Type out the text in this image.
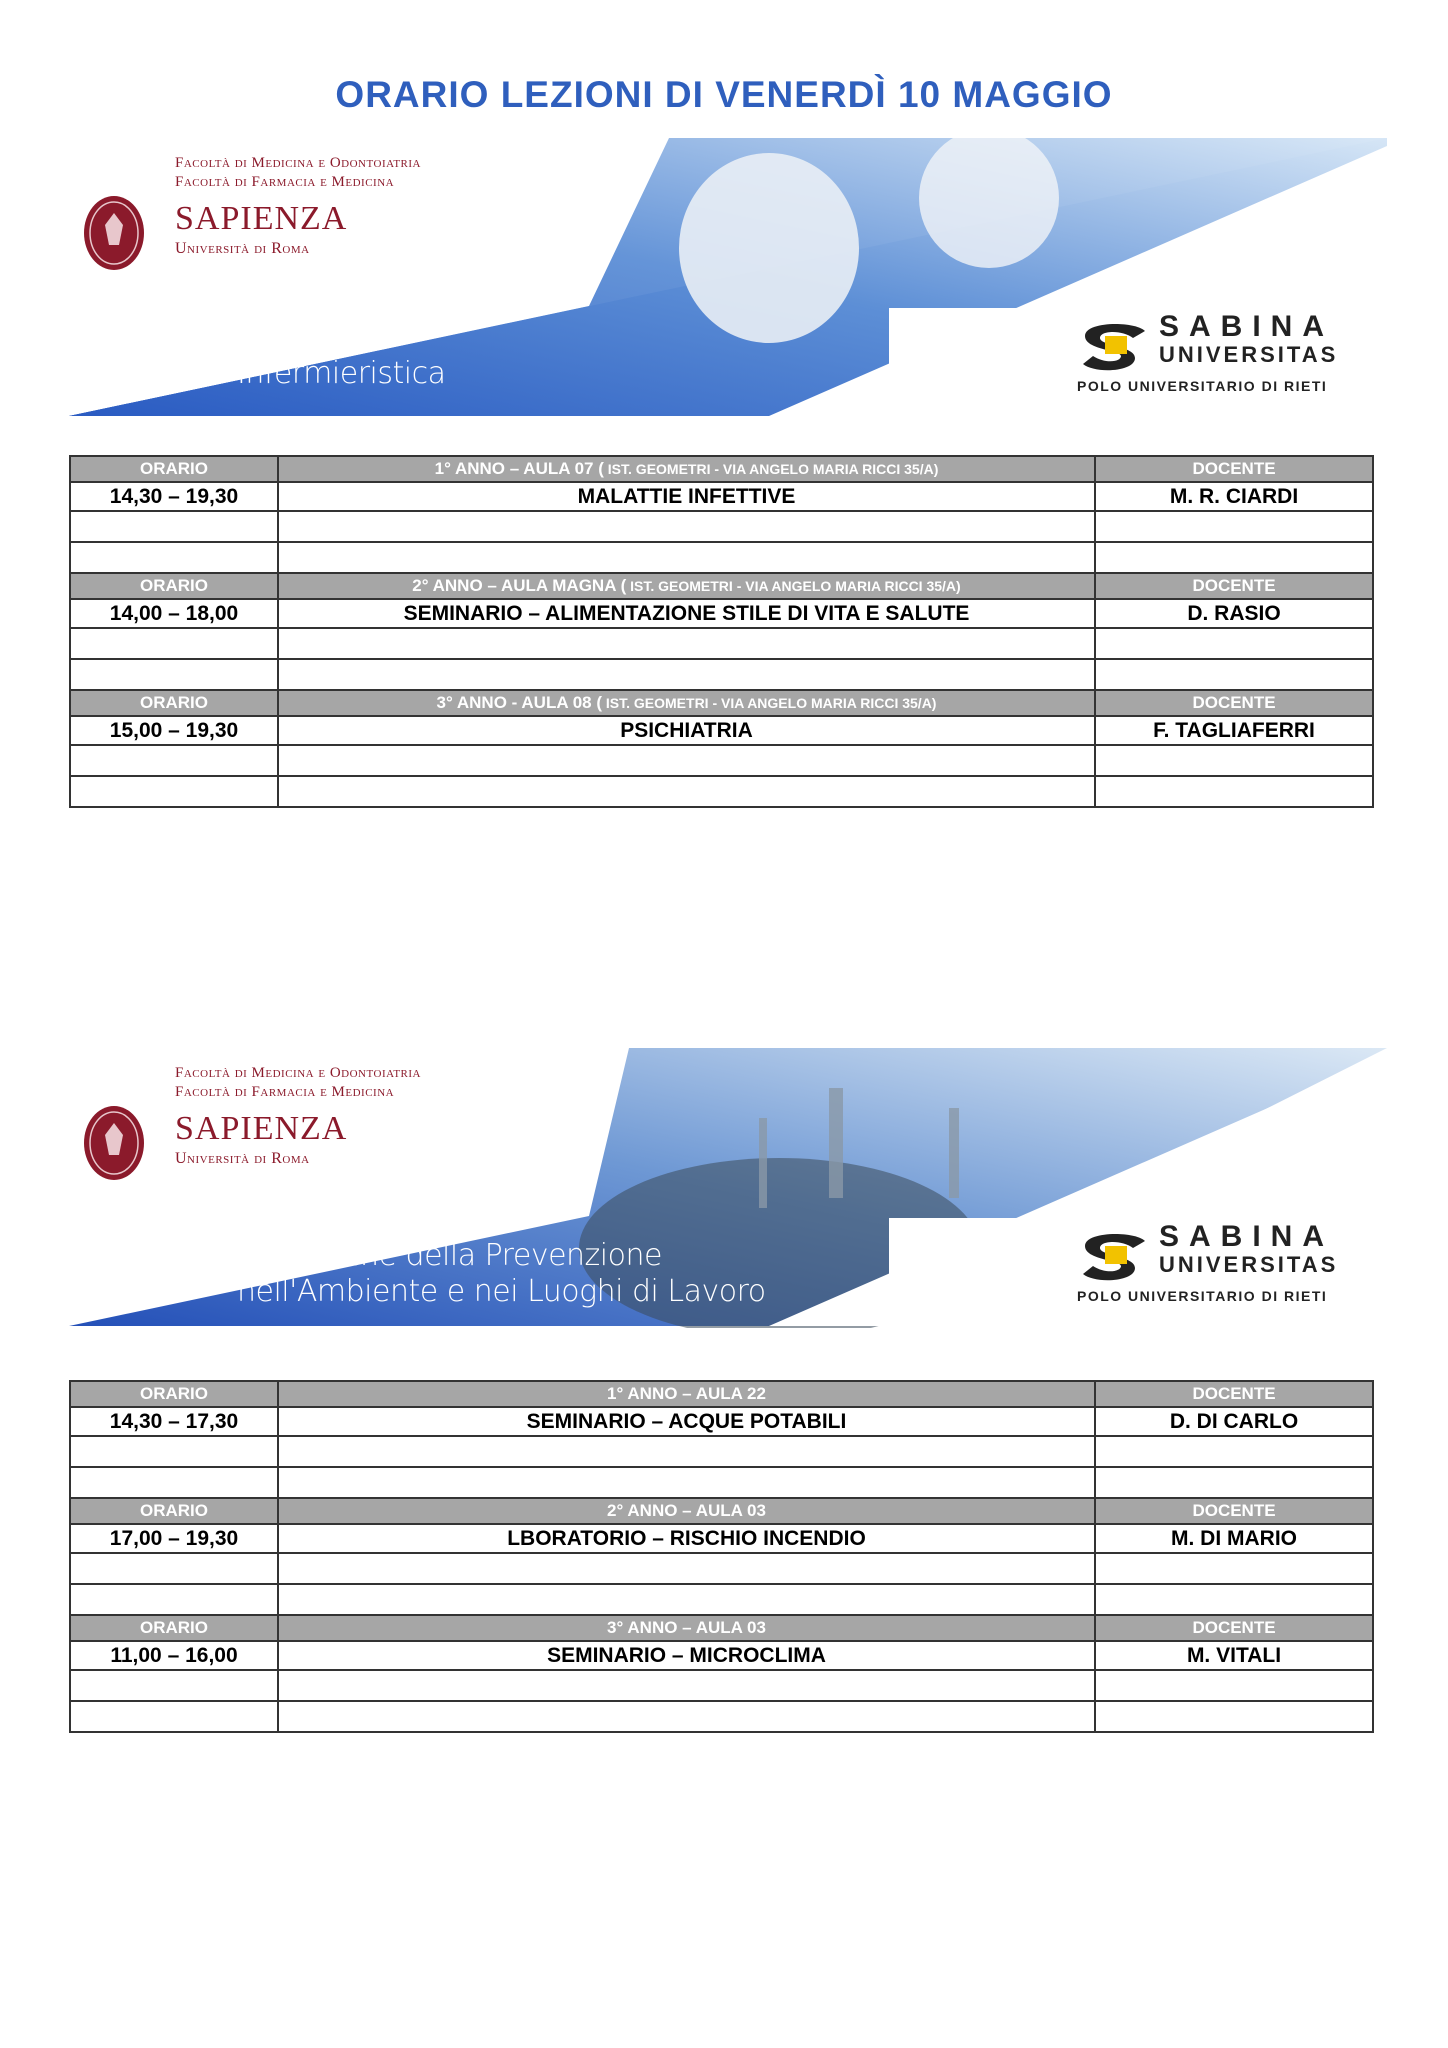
ORARIO LEZIONI DI VENERDÌ 10 MAGGIO
Facoltà di Medicina e Odontoiatria
Facoltà di Farmacia e Medicina
SAPIENZA
Università di Roma
Infermieristica
SABINA
UNIVERSITAS
POLO UNIVERSITARIO DI RIETI
ORARIO	1° ANNO – AULA 07 ( IST. GEOMETRI - VIA ANGELO MARIA RICCI 35/A)	DOCENTE
14,30 – 19,30	MALATTIE INFETTIVE	M. R. CIARDI

ORARIO	2° ANNO – AULA MAGNA ( IST. GEOMETRI - VIA ANGELO MARIA RICCI 35/A)	DOCENTE
14,00 – 18,00	SEMINARIO – ALIMENTAZIONE STILE DI VITA E SALUTE	D. RASIO

ORARIO	3° ANNO - AULA 08 ( IST. GEOMETRI - VIA ANGELO MARIA RICCI 35/A)	DOCENTE
15,00 – 19,30	PSICHIATRIA	F. TAGLIAFERRI

Facoltà di Medicina e Odontoiatria
Facoltà di Farmacia e Medicina
SAPIENZA
Università di Roma
Tecniche della Prevenzione
nell'Ambiente e nei Luoghi di Lavoro
SABINA
UNIVERSITAS
POLO UNIVERSITARIO DI RIETI
ORARIO	1° ANNO – AULA 22	DOCENTE
14,30 – 17,30	SEMINARIO – ACQUE POTABILI	D. DI CARLO

ORARIO	2° ANNO – AULA 03	DOCENTE
17,00 – 19,30	LBORATORIO – RISCHIO INCENDIO	M. DI MARIO

ORARIO	3° ANNO – AULA 03	DOCENTE
11,00 – 16,00	SEMINARIO – MICROCLIMA	M. VITALI
